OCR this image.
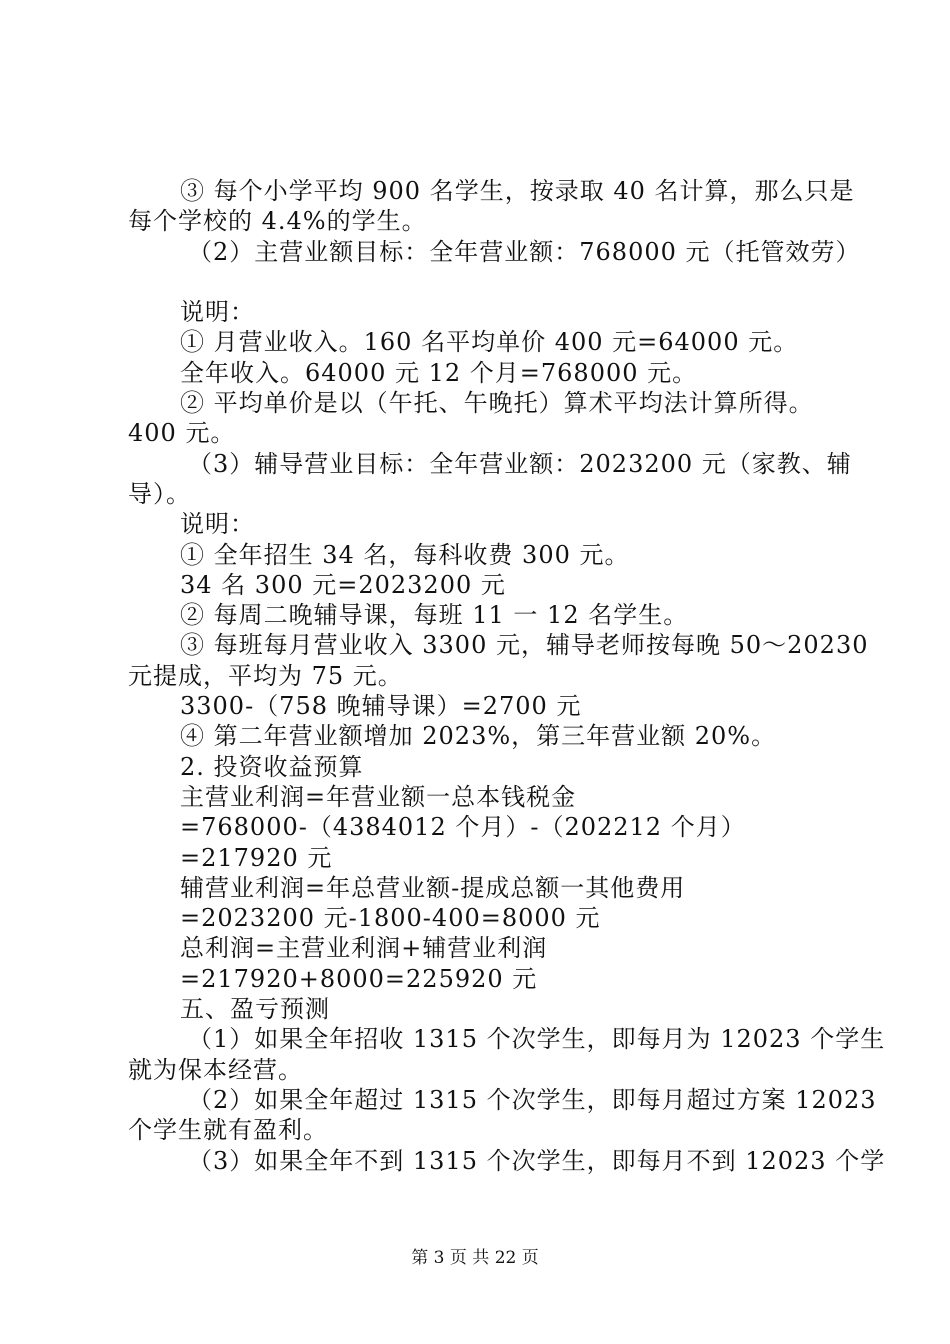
③ 每个小学平均 900 名学生，按录取 40 名计算，那么只是
每个学校的 4.4%的学生。
（2）主营业额目标：全年营业额：768000 元（托管效劳）
说明：
① 月营业收入。160 名平均单价 400 元=64000 元。
全年收入。64000 元 12 个月=768000 元。
② 平均单价是以（午托、午晚托）算术平均法计算所得。
400 元。
（3）辅导营业目标：全年营业额：2023200 元（家教、辅
导）。
说明：
① 全年招生 34 名，每科收费 300 元。
34 名 300 元=2023200 元
② 每周二晚辅导课，每班 11 一 12 名学生。
③ 每班每月营业收入 3300 元，辅导老师按每晚 50～20230
元提成，平均为 75 元。
3300-（758 晚辅导课）=2700 元
④ 第二年营业额增加 2023%，第三年营业额 20%。
2. 投资收益预算
主营业利润=年营业额一总本钱税金
=768000-（4384012 个月）-（202212 个月）
=217920 元
辅营业利润=年总营业额-提成总额一其他费用
=2023200 元-1800-400=8000 元
总利润=主营业利润+辅营业利润
=217920+8000=225920 元
五、盈亏预测
（1）如果全年招收 1315 个次学生，即每月为 12023 个学生
就为保本经营。
（2）如果全年超过 1315 个次学生，即每月超过方案 12023
个学生就有盈利。
（3）如果全年不到 1315 个次学生，即每月不到 12023 个学
第 3 页 共 22 页
